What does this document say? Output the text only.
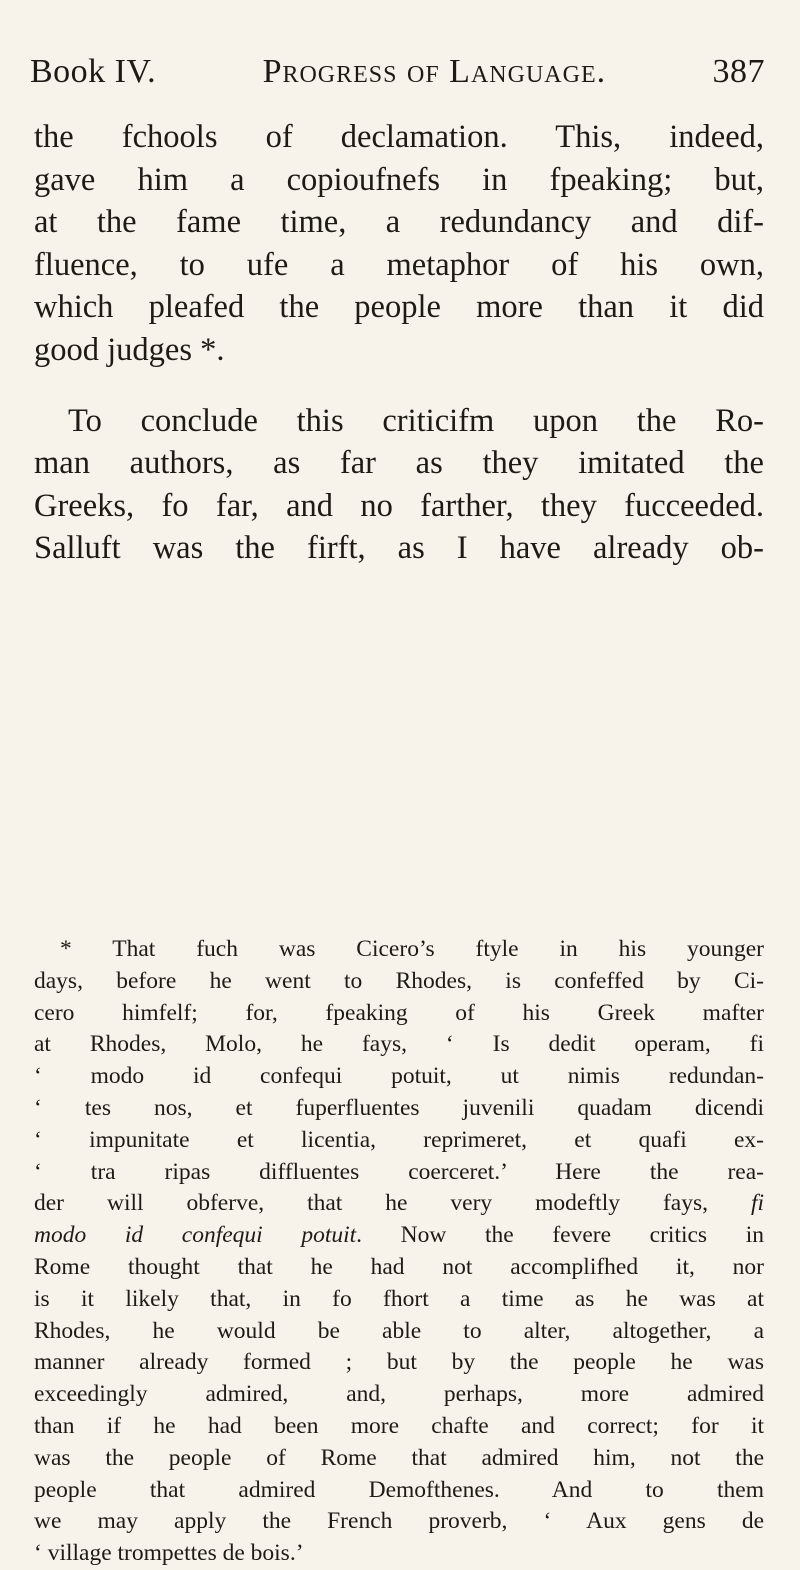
Book IV.	Progress of Language.	387
the fchools of declamation. This, indeed,
gave him a copioufnefs in fpeaking; but,
at the fame time, a redundancy and dif-
fluence, to ufe a metaphor of his own,
which pleafed the people more than it did
good judges *.
To conclude this criticifm upon the Ro-
man authors, as far as they imitated the
Greeks, fo far, and no farther, they fucceeded.
Salluft was the firft, as I have already ob-
* That fuch was Cicero’s ftyle in his younger
days, before he went to Rhodes, is confeffed by Ci-
cero himfelf; for, fpeaking of his Greek mafter
at Rhodes, Molo, he fays, ‘ Is dedit operam, fi
‘ modo id confequi potuit, ut nimis redundan-
‘ tes nos, et fuperfluentes juvenili quadam dicendi
‘ impunitate et licentia, reprimeret, et quafi ex-
‘ tra ripas diffluentes coerceret.’ Here the rea-
der will obferve, that he very modeftly fays, fi
modo id confequi potuit. Now the fevere critics in
Rome thought that he had not accomplifhed it, nor
is it likely that, in fo fhort a time as he was at
Rhodes, he would be able to alter, altogether, a
manner already formed ; but by the people he was
exceedingly admired, and, perhaps, more admired
than if he had been more chafte and correct; for it
was the people of Rome that admired him, not the
people that admired Demofthenes. And to them
we may apply the French proverb, ‘ Aux gens de
‘ village trompettes de bois.’
